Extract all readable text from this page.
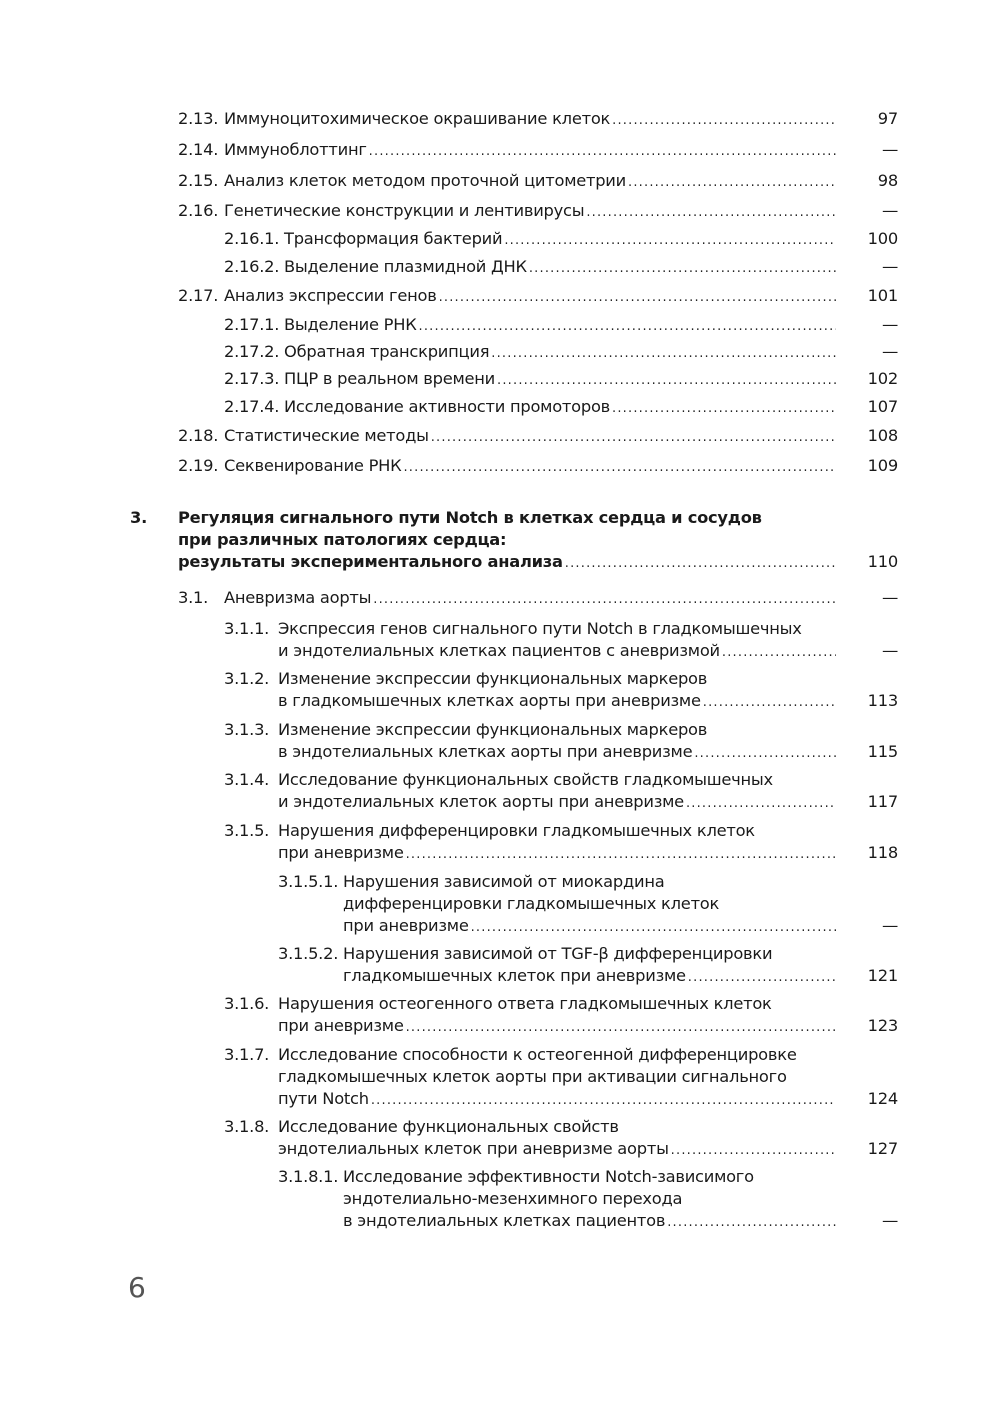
2.13. Иммуноцитохимическое окрашивание клеток .....	97
2.14. Иммуноблоттинг .....	—
2.15. Анализ клеток методом проточной цитометрии .....	98
2.16. Генетические конструкции и лентивирусы .....	—
2.16.1. Трансформация бактерий .....	100
2.16.2. Выделение плазмидной ДНК .....	—
2.17. Анализ экспрессии генов .....	101
2.17.1. Выделение РНК .....	—
2.17.2. Обратная транскрипция .....	—
2.17.3. ПЦР в реальном времени .....	102
2.17.4. Исследование активности промоторов .....	107
2.18. Статистические методы .....	108
2.19. Секвенирование РНК .....	109
3. Регуляция сигнального пути Notch в клетках сердца и сосудов
при различных патологиях сердца:
результаты экспериментального анализа .....	110
3.1. Аневризма аорты .....	—
3.1.1. Экспрессия генов сигнального пути Notch в гладкомышечных
и эндотелиальных клетках пациентов с аневризмой .....	—
3.1.2. Изменение экспрессии функциональных маркеров
в гладкомышечных клетках аорты при аневризме .....	113
3.1.3. Изменение экспрессии функциональных маркеров
в эндотелиальных клетках аорты при аневризме .....	115
3.1.4. Исследование функциональных свойств гладкомышечных
и эндотелиальных клеток аорты при аневризме .....	117
3.1.5. Нарушения дифференцировки гладкомышечных клеток
при аневризме .....	118
3.1.5.1. Нарушения зависимой от миокардина
дифференцировки гладкомышечных клеток
при аневризме .....	—
3.1.5.2. Нарушения зависимой от TGF-β дифференцировки
гладкомышечных клеток при аневризме .....	121
3.1.6. Нарушения остеогенного ответа гладкомышечных клеток
при аневризме .....	123
3.1.7. Исследование способности к остеогенной дифференцировке
гладкомышечных клеток аорты при активации сигнального
пути Notch .....	124
3.1.8. Исследование функциональных свойств
эндотелиальных клеток при аневризме аорты .....	127
3.1.8.1. Исследование эффективности Notch-зависимого
эндотелиально-мезенхимного перехода
в эндотелиальных клетках пациентов .....	—
6
